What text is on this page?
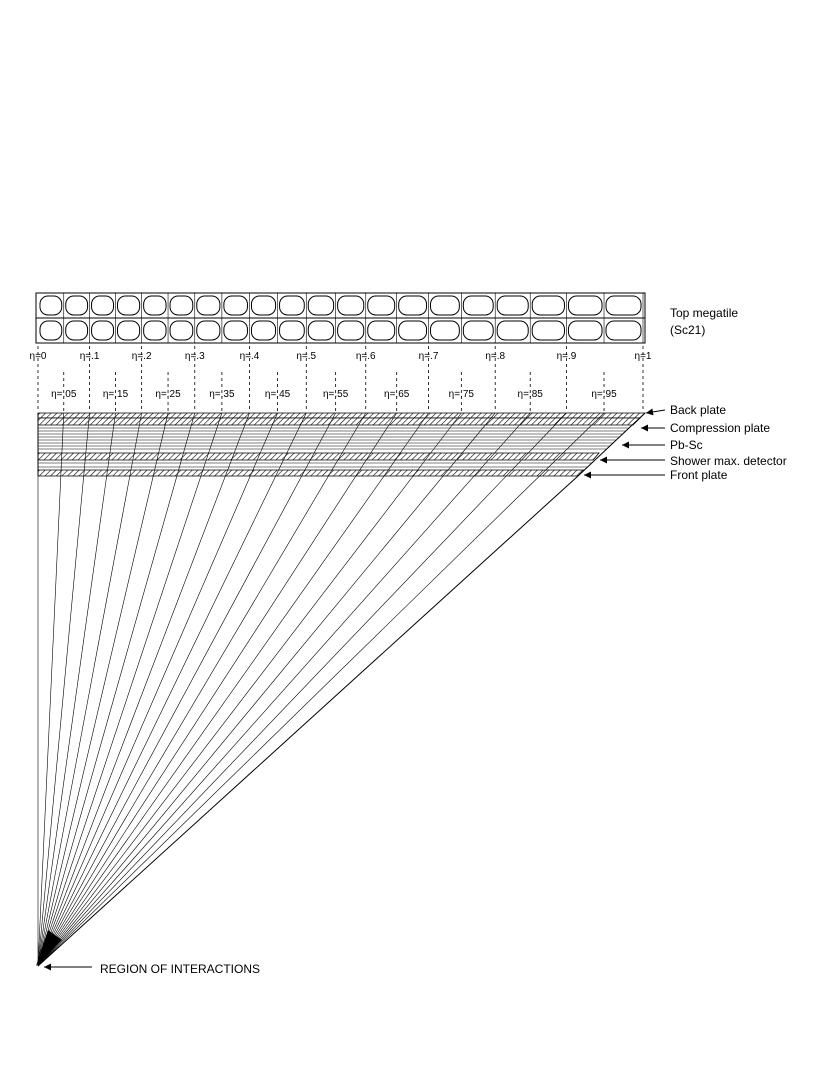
η=0	η=.1	η=.2	η=.3	η=.4	η=.5	η=.6	η=.7	η=.8	η=.9	η=1
η=.05	η=.15	η=.25	η=.35	η=.45	η=.55	η=.65	η=.75	η=.85	η=.95
Back plate
Compression plate
Pb-Sc
Shower max. detector
Front plate
Top megatile
(Sc21)
REGION OF INTERACTIONS
